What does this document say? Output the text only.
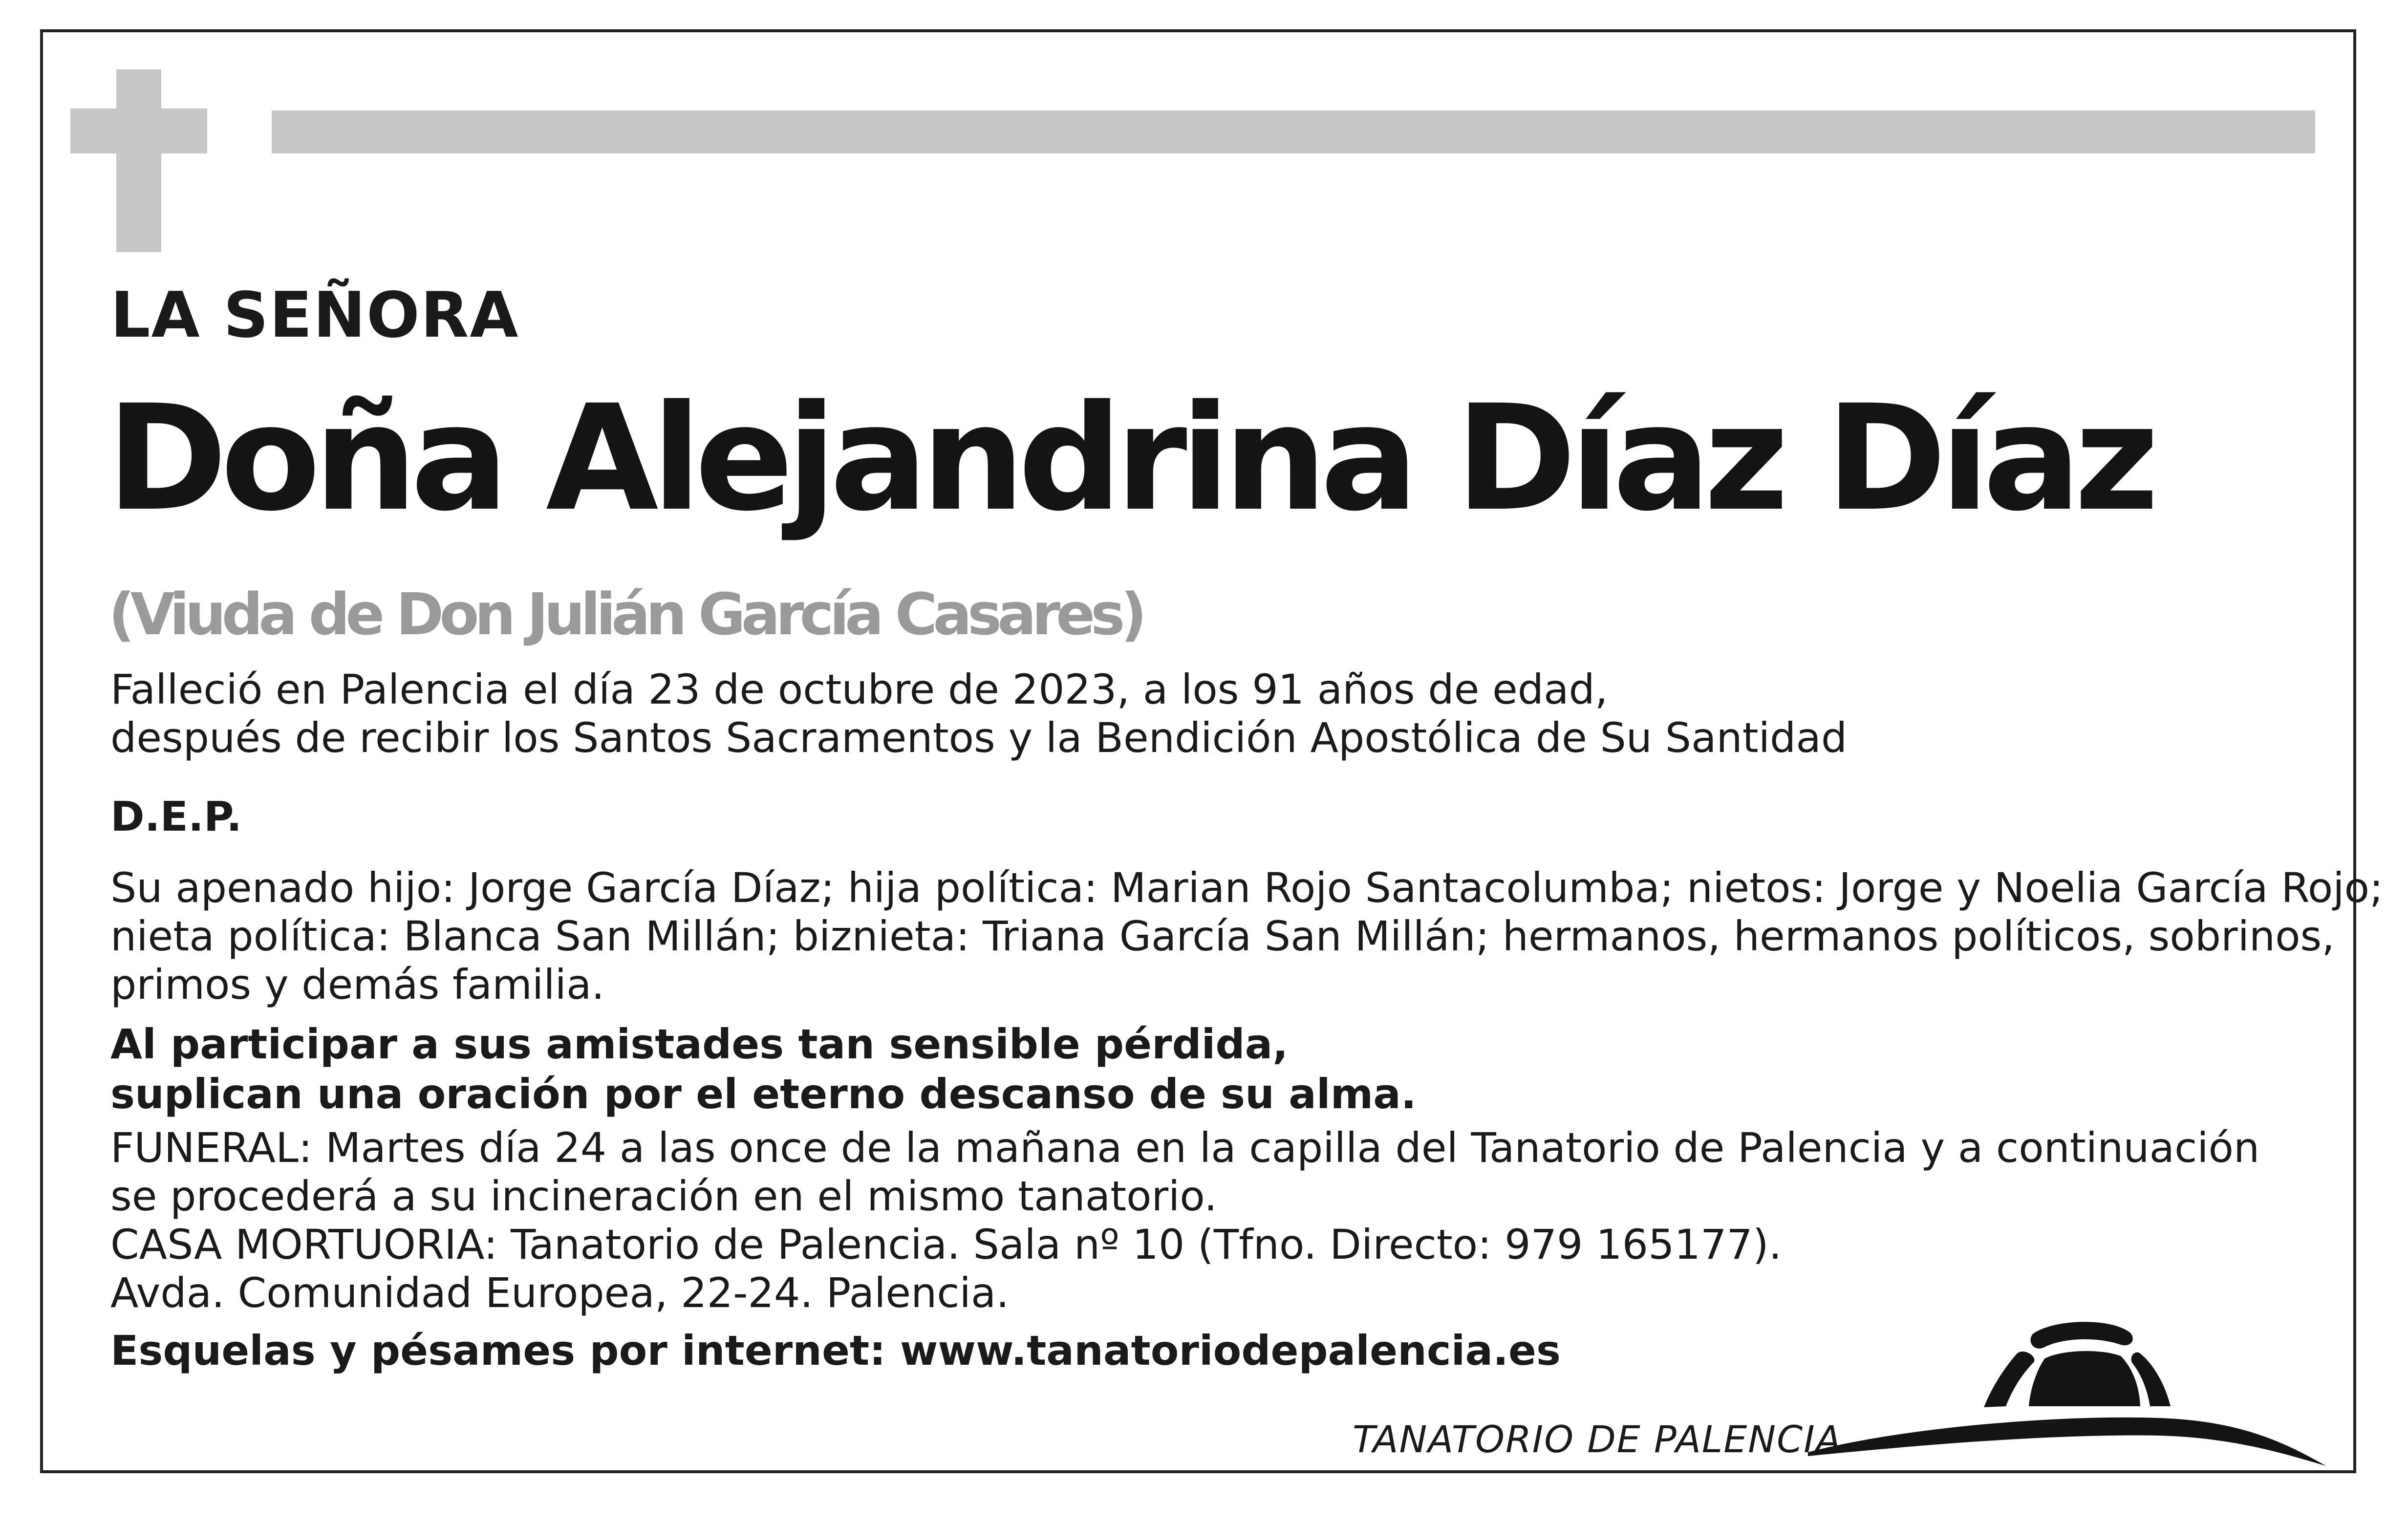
LA SEÑORA
Doña Alejandrina Díaz Díaz
(Viuda de Don Julián García Casares)
Falleció en Palencia el día 23 de octubre de 2023, a los 91 años de edad,
después de recibir los Santos Sacramentos y la Bendición Apostólica de Su Santidad
D.E.P.
Su apenado hijo: Jorge García Díaz; hija política: Marian Rojo Santacolumba; nietos: Jorge y Noelia García Rojo;
nieta política: Blanca San Millán; biznieta: Triana García San Millán; hermanos, hermanos políticos, sobrinos,
primos y demás familia.
Al participar a sus amistades tan sensible pérdida,
suplican una oración por el eterno descanso de su alma.
FUNERAL: Martes día 24 a las once de la mañana en la capilla del Tanatorio de Palencia y a continuación
se procederá a su incineración en el mismo tanatorio.
CASA MORTUORIA: Tanatorio de Palencia. Sala nº 10 (Tfno. Directo: 979 165177).
Avda. Comunidad Europea, 22-24. Palencia.
Esquelas y pésames por internet: www.tanatoriodepalencia.es
TANATORIO DE PALENCIA
